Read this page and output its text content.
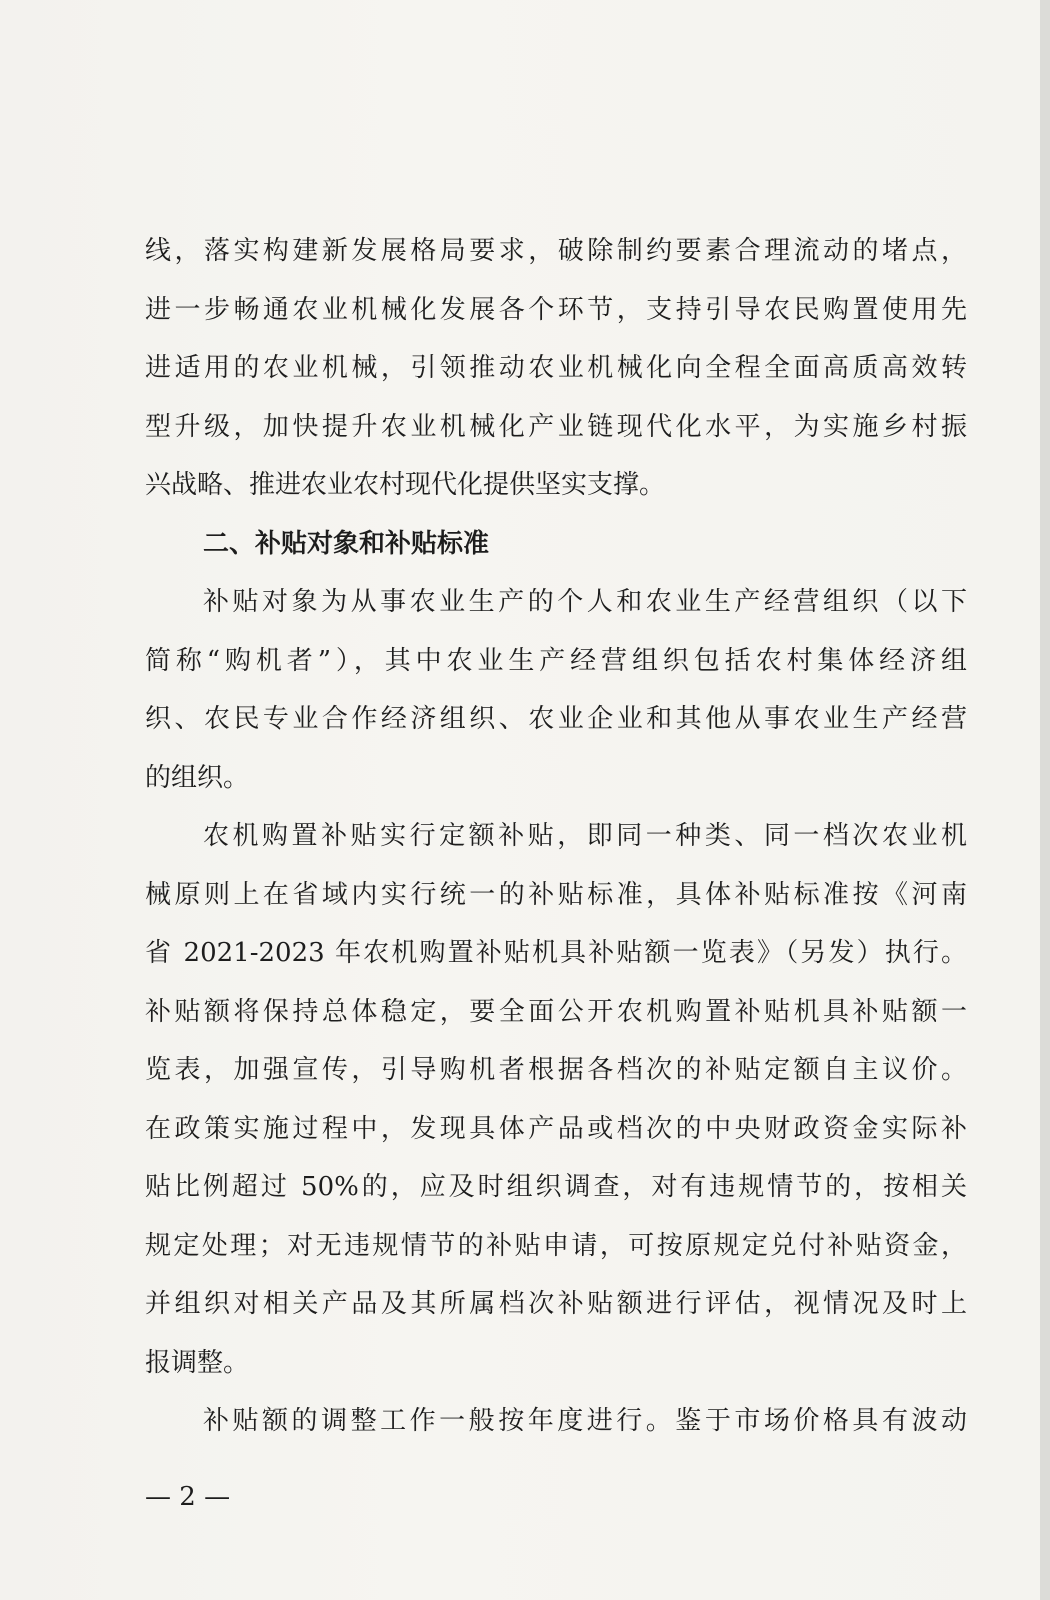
线，落实构建新发展格局要求，破除制约要素合理流动的堵点，
进一步畅通农业机械化发展各个环节，支持引导农民购置使用先
进适用的农业机械，引领推动农业机械化向全程全面高质高效转
型升级，加快提升农业机械化产业链现代化水平，为实施乡村振
兴战略、推进农业农村现代化提供坚实支撑。
二、补贴对象和补贴标准
补贴对象为从事农业生产的个人和农业生产经营组织（以下
简称“购机者”），其中农业生产经营组织包括农村集体经济组
织、农民专业合作经济组织、农业企业和其他从事农业生产经营
的组织。
农机购置补贴实行定额补贴，即同一种类、同一档次农业机
械原则上在省域内实行统一的补贴标准，具体补贴标准按《河南
省 2021-2023 年农机购置补贴机具补贴额一览表》（另发）执行。
补贴额将保持总体稳定，要全面公开农机购置补贴机具补贴额一
览表，加强宣传，引导购机者根据各档次的补贴定额自主议价。
在政策实施过程中，发现具体产品或档次的中央财政资金实际补
贴比例超过 50%的，应及时组织调查，对有违规情节的，按相关
规定处理；对无违规情节的补贴申请，可按原规定兑付补贴资金，
并组织对相关产品及其所属档次补贴额进行评估，视情况及时上
报调整。
补贴额的调整工作一般按年度进行。鉴于市场价格具有波动
— 2 —
